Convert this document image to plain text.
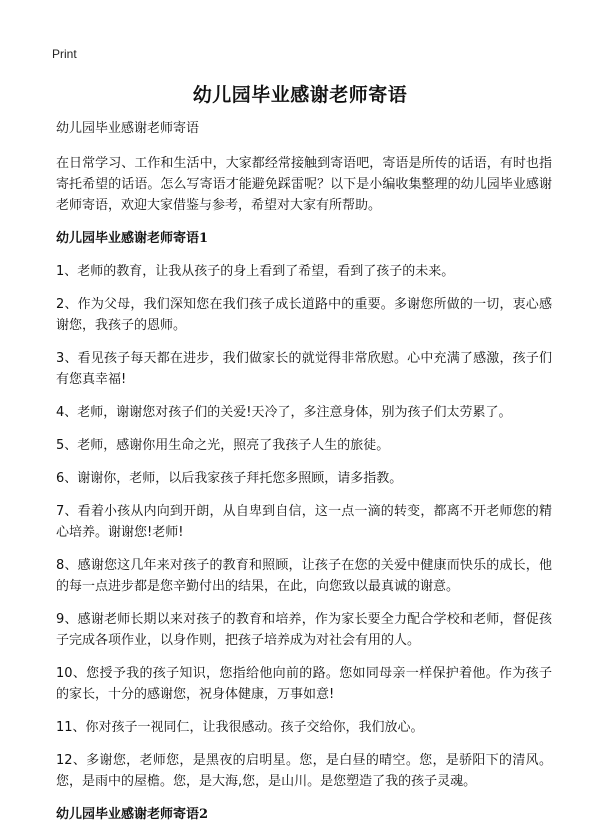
Print
幼儿园毕业感谢老师寄语

幼儿园毕业感谢老师寄语

在日常学习、工作和生活中，大家都经常接触到寄语吧，寄语是所传的话语，有时也指寄托希望的话语。怎么写寄语才能避免踩雷呢？以下是小编收集整理的幼儿园毕业感谢老师寄语，欢迎大家借鉴与参考，希望对大家有所帮助。

幼儿园毕业感谢老师寄语1

1、老师的教育，让我从孩子的身上看到了希望，看到了孩子的未来。

2、作为父母，我们深知您在我们孩子成长道路中的重要。多谢您所做的一切，衷心感谢您，我孩子的恩师。

3、看见孩子每天都在进步，我们做家长的就觉得非常欣慰。心中充满了感激，孩子们有您真幸福!

4、老师，谢谢您对孩子们的关爱!天冷了，多注意身体，别为孩子们太劳累了。

5、老师，感谢你用生命之光，照亮了我孩子人生的旅徒。

6、谢谢你，老师，以后我家孩子拜托您多照顾，请多指教。

7、看着小孩从内向到开朗，从自卑到自信，这一点一滴的转变，都离不开老师您的精心培养。谢谢您!老师!

8、感谢您这几年来对孩子的教育和照顾，让孩子在您的关爱中健康而快乐的成长，他的每一点进步都是您辛勤付出的结果，在此，向您致以最真诚的谢意。

9、感谢老师长期以来对孩子的教育和培养，作为家长要全力配合学校和老师，督促孩子完成各项作业，以身作则，把孩子培养成为对社会有用的人。

10、您授予我的孩子知识，您指给他向前的路。您如同母亲一样保护着他。作为孩子的家长，十分的感谢您，祝身体健康，万事如意!

11、你对孩子一视同仁，让我很感动。孩子交给你，我们放心。

12、多谢您，老师您，是黑夜的启明星。您，是白昼的晴空。您，是骄阳下的清风。您，是雨中的屋檐。您，是大海,您，是山川。是您塑造了我的孩子灵魂。

幼儿园毕业感谢老师寄语2
